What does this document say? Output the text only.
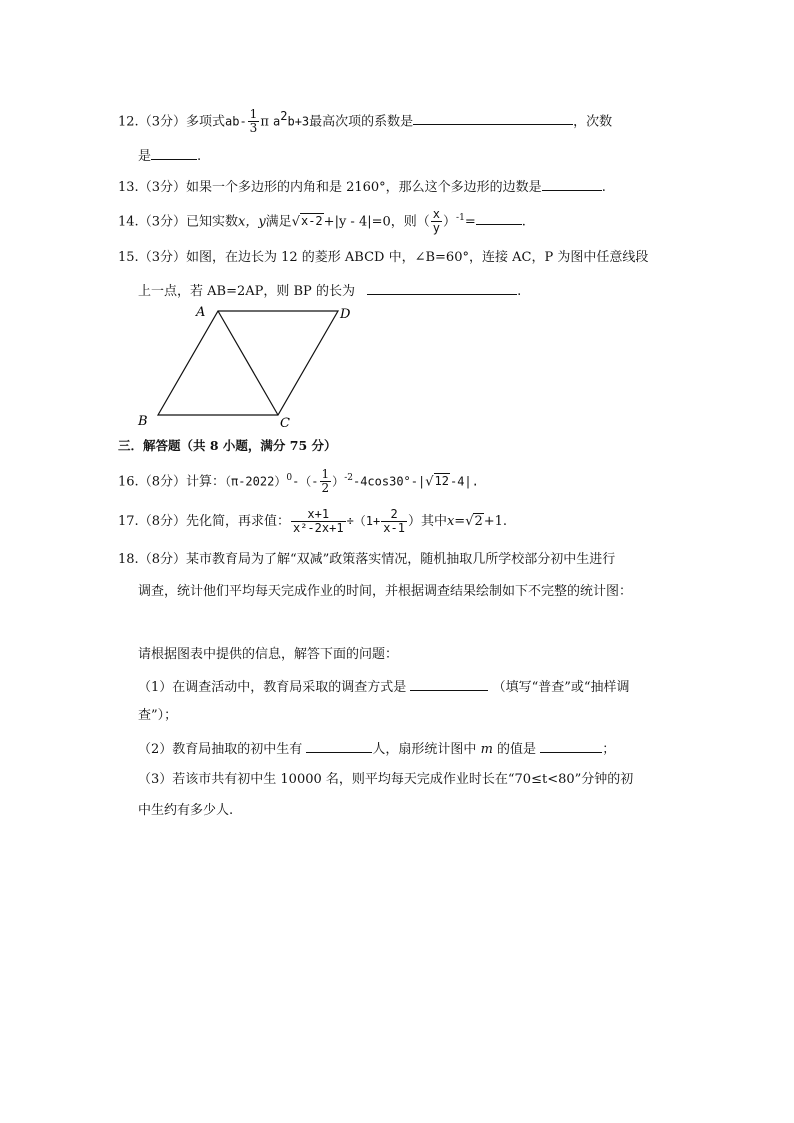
12.（3分）多项式$ab- \frac{1}{3}$ π $a^2b+3$最高次项的系数是	，次数
是	.
13.（3分）如果一个多边形的内角和是 2160°，那么这个多边形的边数是	.
14.（3分）已知实数x，y满足√x-2+|y - 4|=0，则（ $\frac{x}{y} )^{-1}=$	.
15.（3分）如图，在边长为 12 的菱形 ABCD 中，∠B=60°，连接 AC，P 为图中任意线段
上一点，若 AB=2AP，则 BP 的长为	.
A	D
B	C
三．解答题（共 8 小题，满分 75 分）
16.（8分）计算：$(\pi-2022)^0-(- \frac{1}{2} )^{-2}-4\cos 30^\circ-|√12-4|$.
17.（8分）先化简，再求值： $\frac{x+1}{\text{x²-2x+1}} \div(1+ \frac{2}{x-1}$ ）其中x=√2+1.
18.（8分）某市教育局为了解“双减”政策落实情况，随机抽取几所学校部分初中生进行
调查，统计他们平均每天完成作业的时间，并根据调查结果绘制如下不完整的统计图：
请根据图表中提供的信息，解答下面的问题：
（1）在调查活动中，教育局采取的调查方式是	（填写“普查”或“抽样调
查”）；
（2）教育局抽取的初中生有	人，扇形统计图中 m 的值是	；
（3）若该市共有初中生 10000 名，则平均每天完成作业时长在“70≤t<80”分钟的初
中生约有多少人.
